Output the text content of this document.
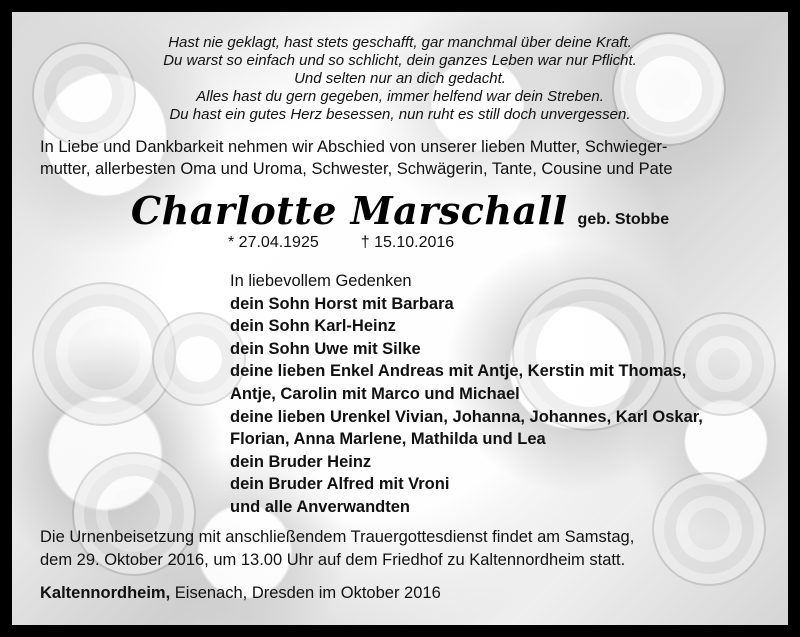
Hast nie geklagt, hast stets geschafft, gar manchmal über deine Kraft.
Du warst so einfach und so schlicht, dein ganzes Leben war nur Pflicht.
Und selten nur an dich gedacht.
Alles hast du gern gegeben, immer helfend war dein Streben.
Du hast ein gutes Herz besessen, nun ruht es still doch unvergessen.
In Liebe und Dankbarkeit nehmen wir Abschied von unserer lieben Mutter, Schwieger-
mutter, allerbesten Oma und Uroma, Schwester, Schwägerin, Tante, Cousine und Pate
Charlotte Marschall geb. Stobbe
* 27.04.1925	† 15.10.2016
In liebevollem Gedenken
dein Sohn Horst mit Barbara
dein Sohn Karl-Heinz
dein Sohn Uwe mit Silke
deine lieben Enkel Andreas mit Antje, Kerstin mit Thomas,
Antje, Carolin mit Marco und Michael
deine lieben Urenkel Vivian, Johanna, Johannes, Karl Oskar,
Florian, Anna Marlene, Mathilda und Lea
dein Bruder Heinz
dein Bruder Alfred mit Vroni
und alle Anverwandten
Die Urnenbeisetzung mit anschließendem Trauergottesdienst findet am Samstag,
dem 29. Oktober 2016, um 13.00 Uhr auf dem Friedhof zu Kaltennordheim statt.
Kaltennordheim, Eisenach, Dresden im Oktober 2016
